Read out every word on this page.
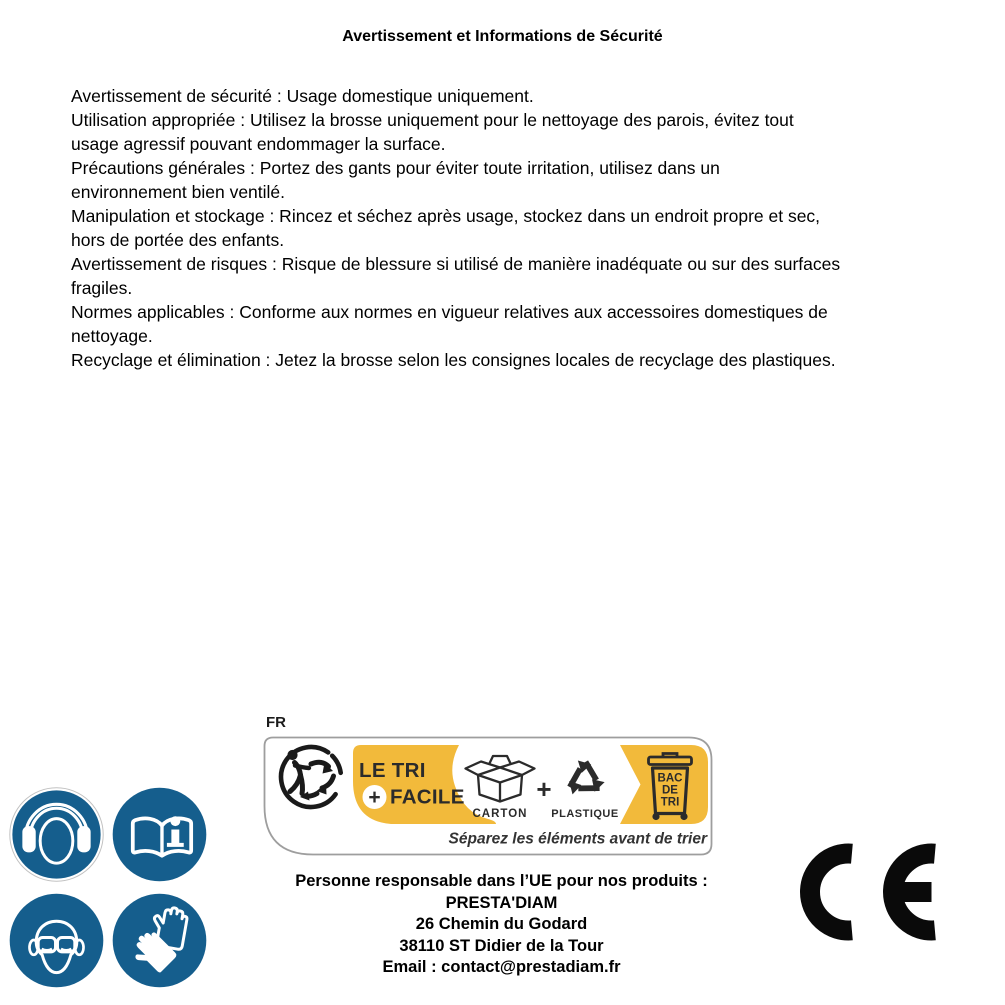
Avertissement et Informations de Sécurité
Avertissement de sécurité : Usage domestique uniquement.
Utilisation appropriée : Utilisez la brosse uniquement pour le nettoyage des parois, évitez tout
usage agressif pouvant endommager la surface.
Précautions générales : Portez des gants pour éviter toute irritation, utilisez dans un
environnement bien ventilé.
Manipulation et stockage : Rincez et séchez après usage, stockez dans un endroit propre et sec,
hors de portée des enfants.
Avertissement de risques : Risque de blessure si utilisé de manière inadéquate ou sur des surfaces
fragiles.
Normes applicables : Conforme aux normes en vigueur relatives aux accessoires domestiques de
nettoyage.
Recyclage et élimination : Jetez la brosse selon les consignes locales de recyclage des plastiques.
FR
LE TRI
+ FACILE
CARTON
+
PLASTIQUE
BAC
DE
TRI
Séparez les éléments avant de trier
Personne responsable dans l’UE pour nos produits :
PRESTA'DIAM
26 Chemin du Godard
38110 ST Didier de la Tour
Email : contact@prestadiam.fr
